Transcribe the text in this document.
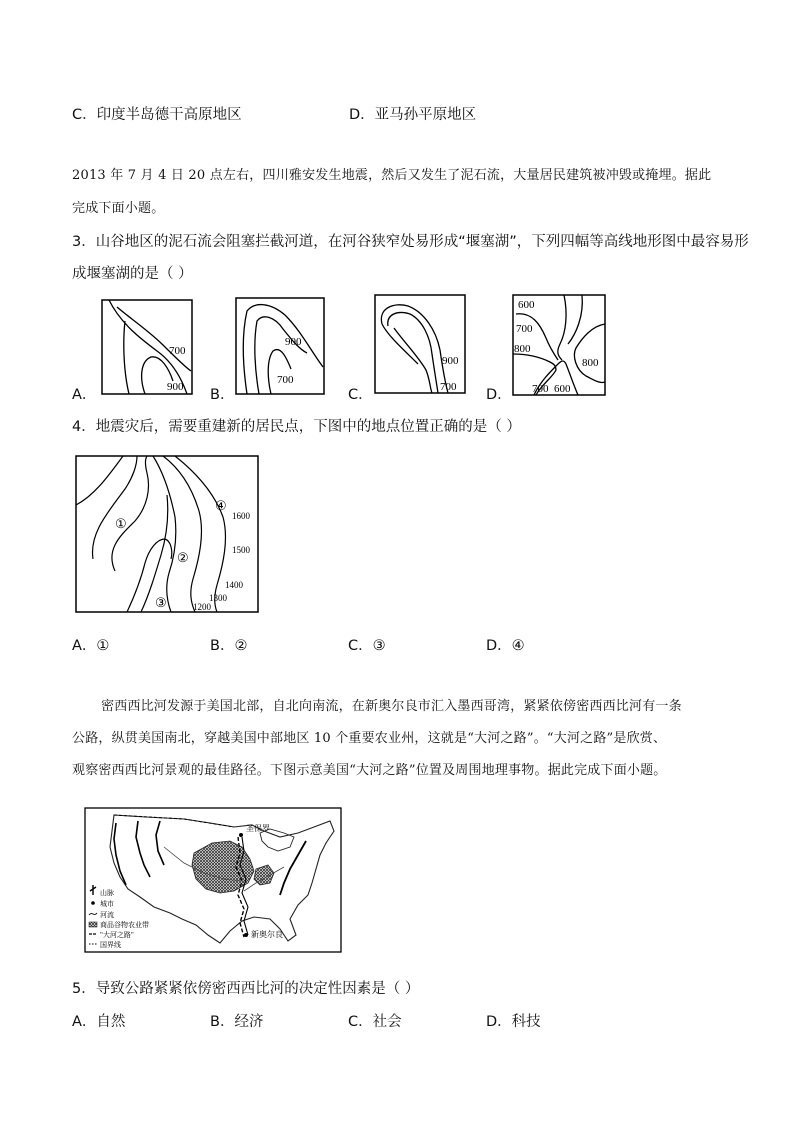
C．印度半岛德干高原地区	D．亚马孙平原地区
2013 年 7 月 4 日 20 点左右，四川雅安发生地震，然后又发生了泥石流，大量居民建筑被冲毁或掩埋。据此
完成下面小题。
3．山谷地区的泥石流会阻塞拦截河道，在河谷狭窄处易形成“堰塞湖”，下列四幅等高线地形图中最容易形
成堰塞湖的是（ ）
A．	B．	C．	D．
700
900
900
700
900
700
600
700
800
800
700 600
4．地震灾后，需要重建新的居民点，下图中的地点位置正确的是（ ）
①
②
③
④
1600
1500
1400
1300
1200
A．①	B．②	C．③	D．④
密西西比河发源于美国北部，自北向南流，在新奥尔良市汇入墨西哥湾，紧紧依傍密西西比河有一条
公路，纵贯美国南北，穿越美国中部地区 10 个重要农业州，这就是“大河之路”。“大河之路”是欣赏、
观察密西西比河景观的最佳路径。下图示意美国“大河之路”位置及周围地理事物。据此完成下面小题。
圣保罗
新奥尔良
山脉
城市
河流
商品谷物农业带
"大河之路"
国界线
5．导致公路紧紧依傍密西西比河的决定性因素是（ ）
A．自然	B．经济	C．社会	D．科技
